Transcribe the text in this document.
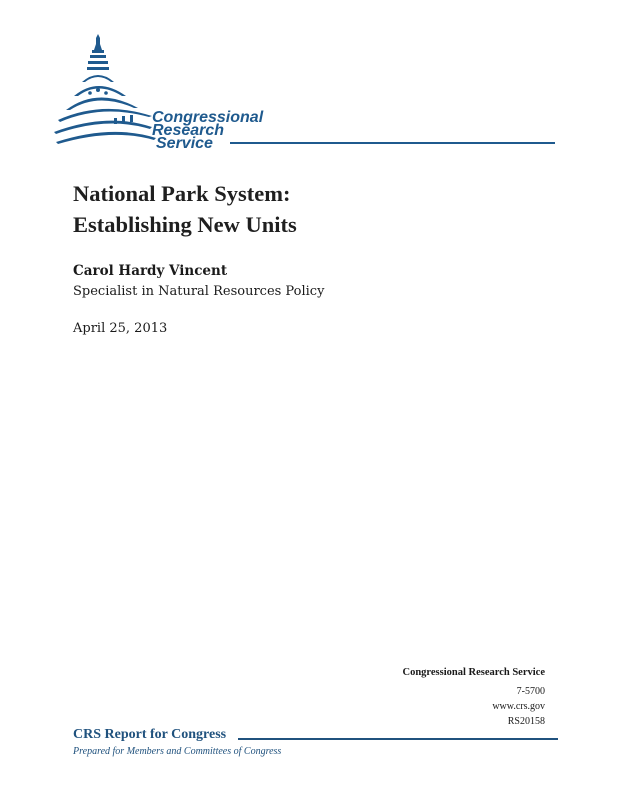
Congressional
Research
Service
National Park System:
Establishing New Units
Carol Hardy Vincent
Specialist in Natural Resources Policy
April 25, 2013
Congressional Research Service
7-5700
www.crs.gov
RS20158
CRS Report for Congress
Prepared for Members and Committees of Congress
